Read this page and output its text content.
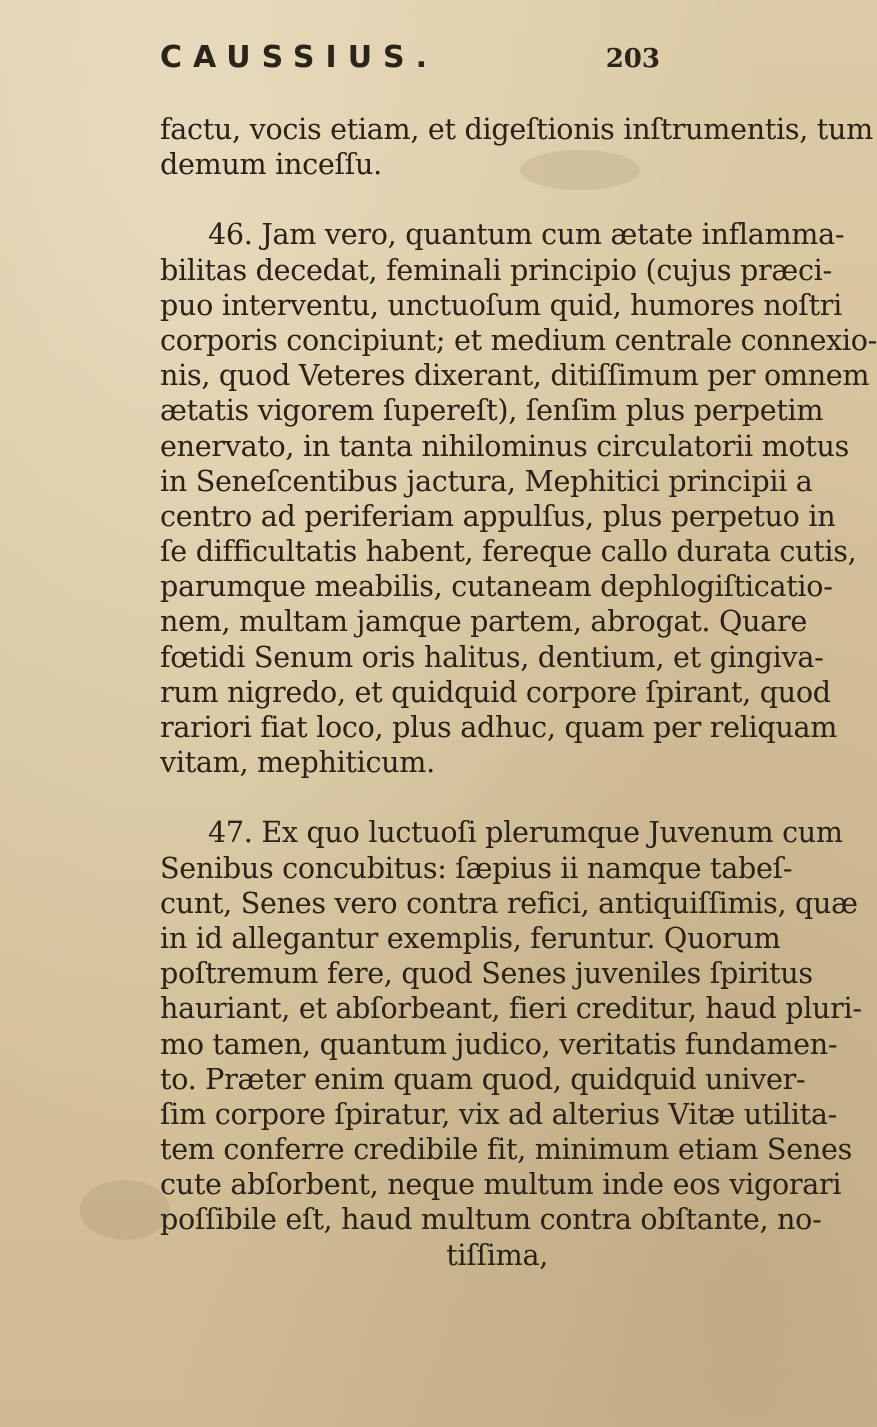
CAUSSIUS.	203
factu, vocis etiam, et digeſtionis inſtrumentis, tum
demum inceſſu.
46. Jam vero, quantum cum ætate inflamma-
bilitas decedat, feminali principio (cujus præci-
puo interventu, unctuoſum quid, humores noſtri
corporis concipiunt; et medium centrale connexio-
nis, quod Veteres dixerant, ditiſſimum per omnem
ætatis vigorem ſupereſt), ſenſim plus perpetim
enervato, in tanta nihilominus circulatorii motus
in Seneſcentibus jactura, Mephitici principii a
centro ad periferiam appulſus, plus perpetuo in
ſe difficultatis habent, fereque callo durata cutis,
parumque meabilis, cutaneam dephlogiſticatio-
nem, multam jamque partem, abrogat. Quare
fœtidi Senum oris halitus, dentium, et gingiva-
rum nigredo, et quidquid corpore ſpirant, quod
rariori fiat loco, plus adhuc, quam per reliquam
vitam, mephiticum.
47. Ex quo luctuoſi plerumque Juvenum cum
Senibus concubitus: ſæpius ii namque tabeſ-
cunt, Senes vero contra refici, antiquiſſimis, quæ
in id allegantur exemplis, feruntur. Quorum
poſtremum fere, quod Senes juveniles ſpiritus
hauriant, et abſorbeant, fieri creditur, haud pluri-
mo tamen, quantum judico, veritatis fundamen-
to. Præter enim quam quod, quidquid univer-
ſim corpore ſpiratur, vix ad alterius Vitæ utilita-
tem conferre credibile fit, minimum etiam Senes
cute abſorbent, neque multum inde eos vigorari
poſſibile eſt, haud multum contra obſtante, no-
tiſſima,
